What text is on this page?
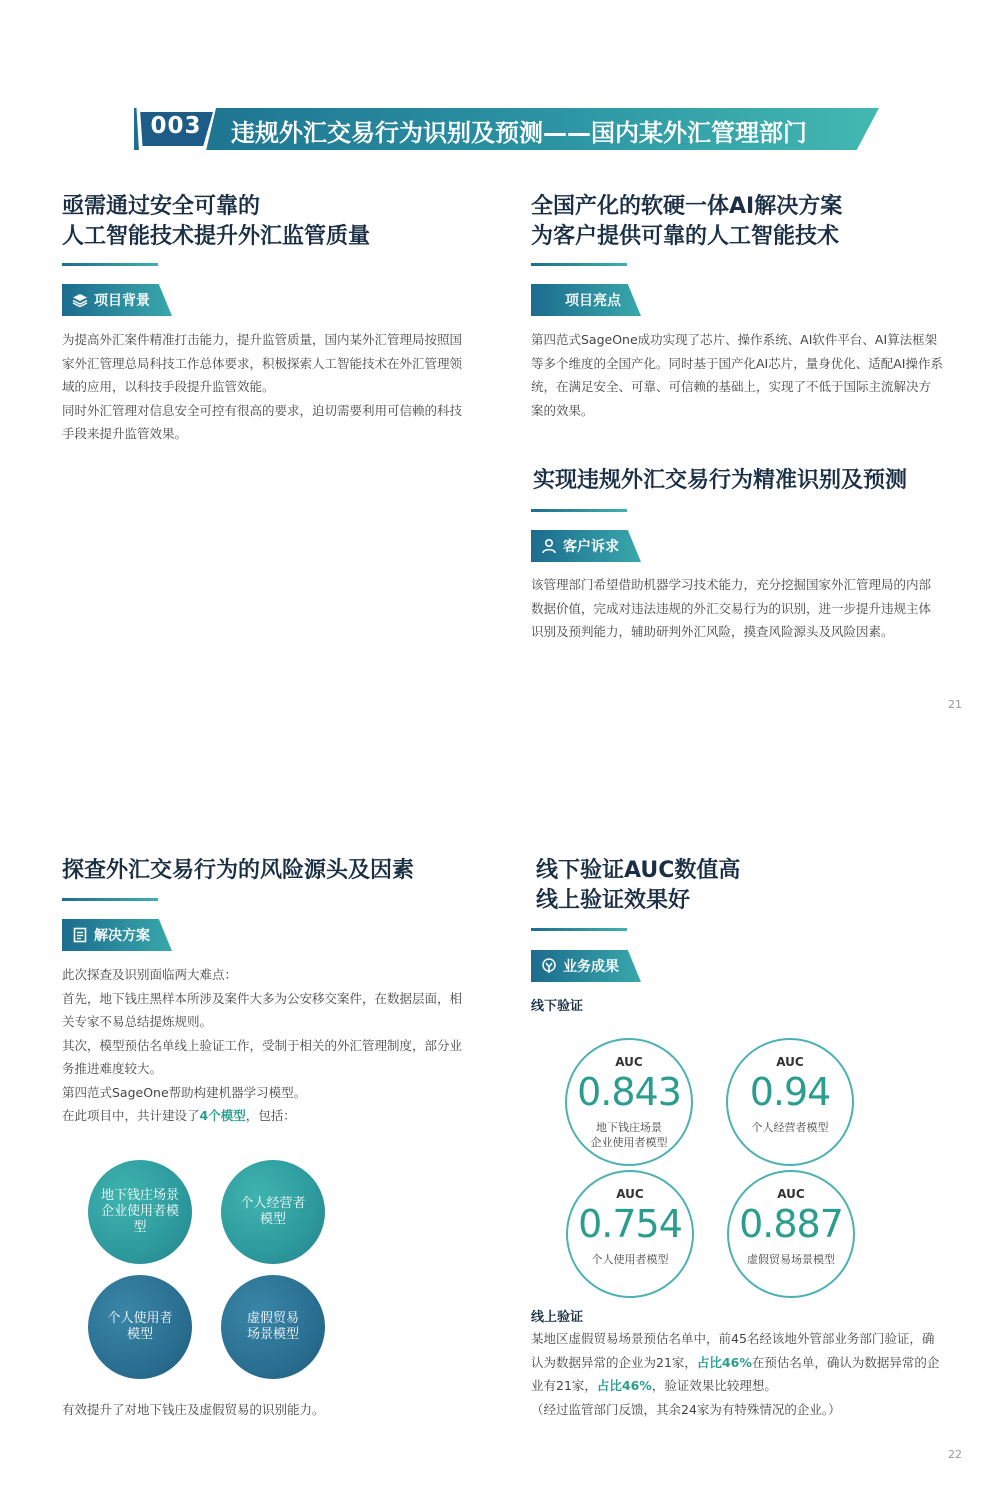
003 违规外汇交易行为识别及预测——国内某外汇管理部门
亟需通过安全可靠的
人工智能技术提升外汇监管质量
项目背景

为提高外汇案件精准打击能力，提升监管质量，国内某外汇管理局按照国家外汇管理总局科技工作总体要求，积极探索人工智能技术在外汇管理领域的应用，以科技手段提升监管效能。

同时外汇管理对信息安全可控有很高的要求，迫切需要利用可信赖的科技手段来提升监管效果。

全国产化的软硬一体AI解决方案
为客户提供可靠的人工智能技术
项目亮点

第四范式SageOne成功实现了芯片、操作系统、AI软件平台、AI算法框架等多个维度的全国产化。同时基于国产化AI芯片，量身优化、适配AI操作系统，在满足安全、可靠、可信赖的基础上，实现了不低于国际主流解决方案的效果。

实现违规外汇交易行为精准识别及预测
客户诉求

该管理部门希望借助机器学习技术能力，充分挖掘国家外汇管理局的内部数据价值，完成对违法违规的外汇交易行为的识别，进一步提升违规主体识别及预判能力，辅助研判外汇风险，摸查风险源头及风险因素。

21
探查外汇交易行为的风险源头及因素
解决方案

此次探查及识别面临两大难点：

首先，地下钱庄黑样本所涉及案件大多为公安移交案件，在数据层面，相关专家不易总结提炼规则。

其次，模型预估名单线上验证工作，受制于相关的外汇管理制度，部分业务推进难度较大。

第四范式SageOne帮助构建机器学习模型。

在此项目中，共计建设了4个模型，包括：

地下钱庄场景
企业使用者模型
个人经营者
模型
个人使用者
模型
虚假贸易
场景模型
有效提升了对地下钱庄及虚假贸易的识别能力。
线下验证AUC数值高
线上验证效果好
业务成果
线下验证
AUC
0.843
地下钱庄场景
企业使用者模型
AUC
0.94
个人经营者模型
AUC
0.754
个人使用者模型
AUC
0.887
虚假贸易场景模型
线上验证

某地区虚假贸易场景预估名单中，前45名经该地外管部业务部门验证，确认为数据异常的企业为21家，占比46%在预估名单，确认为数据异常的企业有21家，占比46%，验证效果比较理想。

（经过监管部门反馈，其余24家为有特殊情况的企业。）

22
